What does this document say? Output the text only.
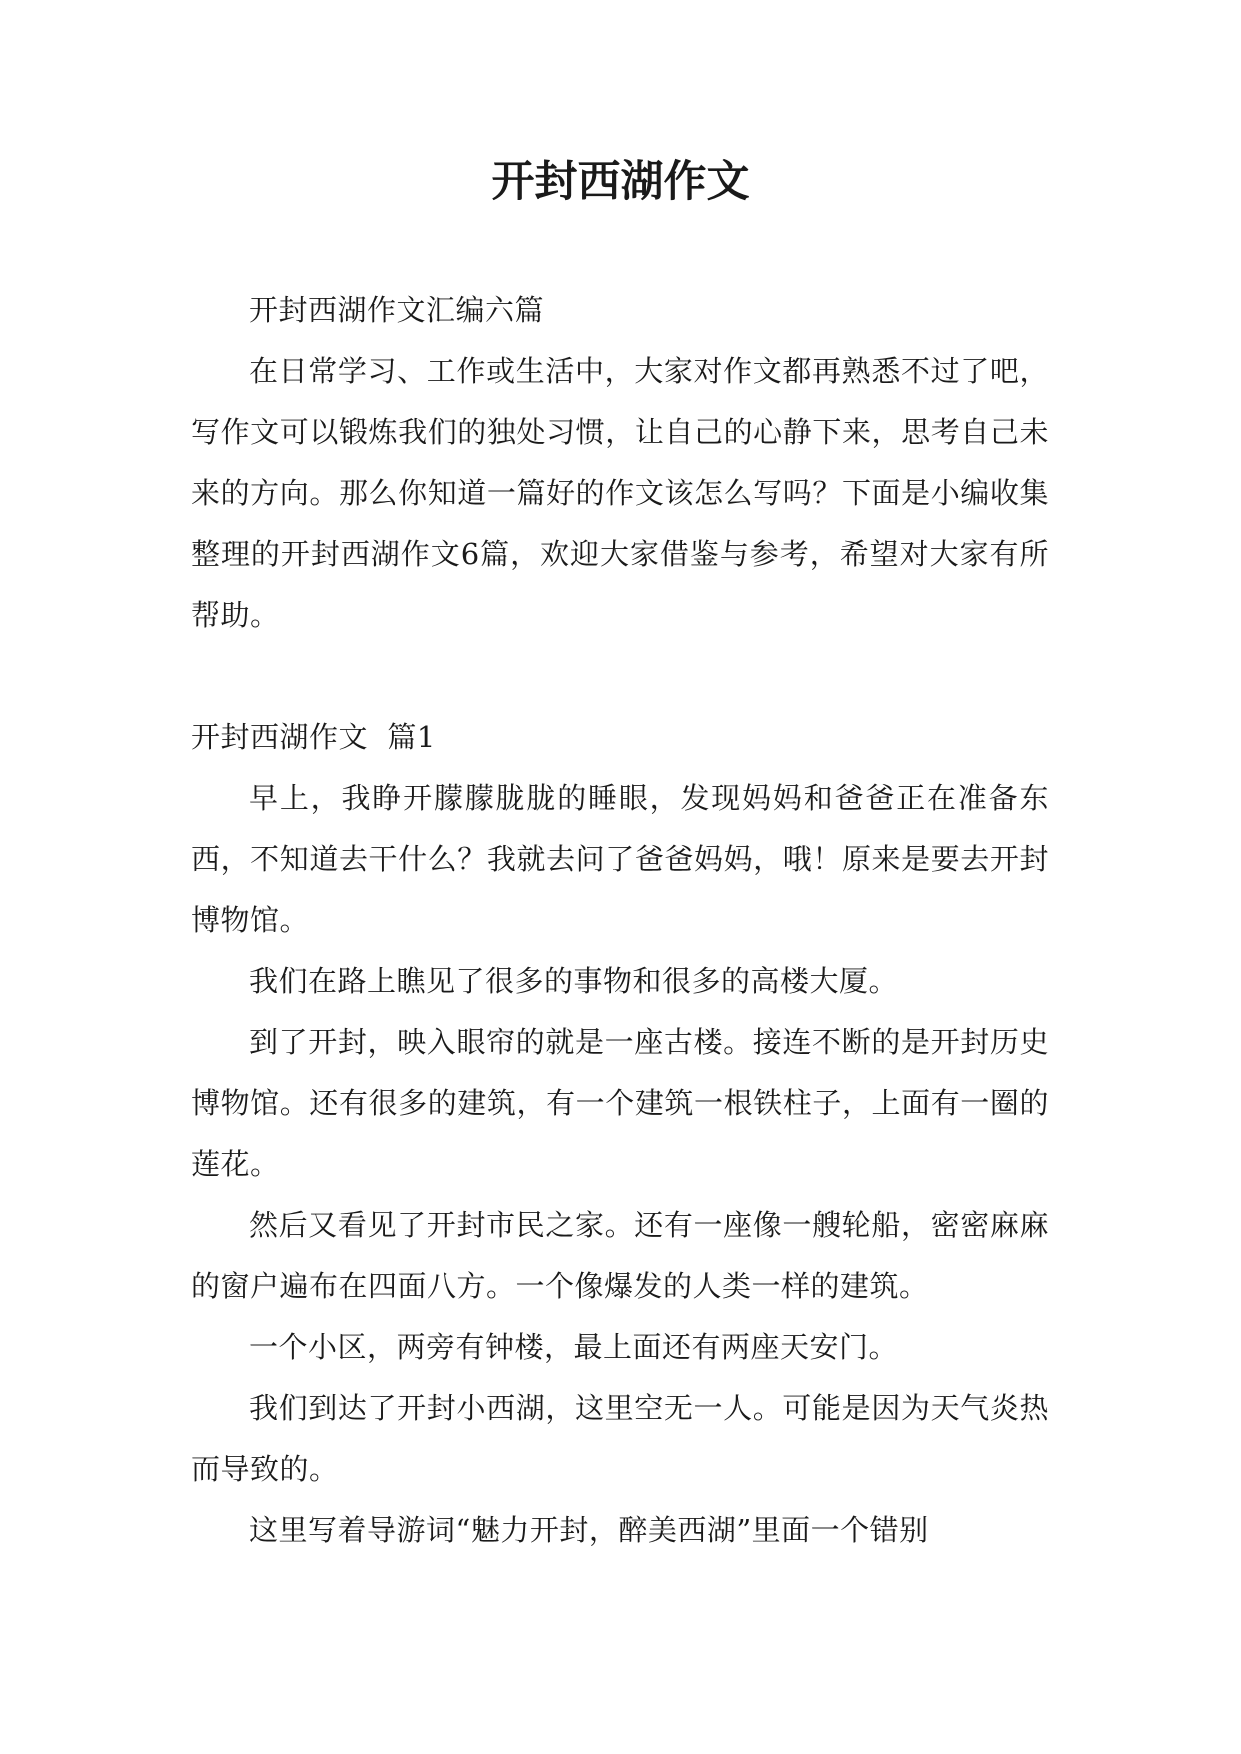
开封西湖作文

开封西湖作文汇编六篇

在日常学习、工作或生活中，大家对作文都再熟悉不过了吧，写作文可以锻炼我们的独处习惯，让自己的心静下来，思考自己未来的方向。那么你知道一篇好的作文该怎么写吗？下面是小编收集整理的开封西湖作文6篇，欢迎大家借鉴与参考，希望对大家有所帮助。

开封西湖作文  篇1

早上，我睁开朦朦胧胧的睡眼，发现妈妈和爸爸正在准备东西，不知道去干什么？我就去问了爸爸妈妈，哦！原来是要去开封博物馆。

我们在路上瞧见了很多的事物和很多的高楼大厦。

到了开封，映入眼帘的就是一座古楼。接连不断的是开封历史博物馆。还有很多的建筑，有一个建筑一根铁柱子，上面有一圈的莲花。

然后又看见了开封市民之家。还有一座像一艘轮船，密密麻麻的窗户遍布在四面八方。一个像爆发的人类一样的建筑。

一个小区，两旁有钟楼，最上面还有两座天安门。

我们到达了开封小西湖，这里空无一人。可能是因为天气炎热而导致的。

这里写着导游词“魅力开封，醉美西湖”里面一个错别
